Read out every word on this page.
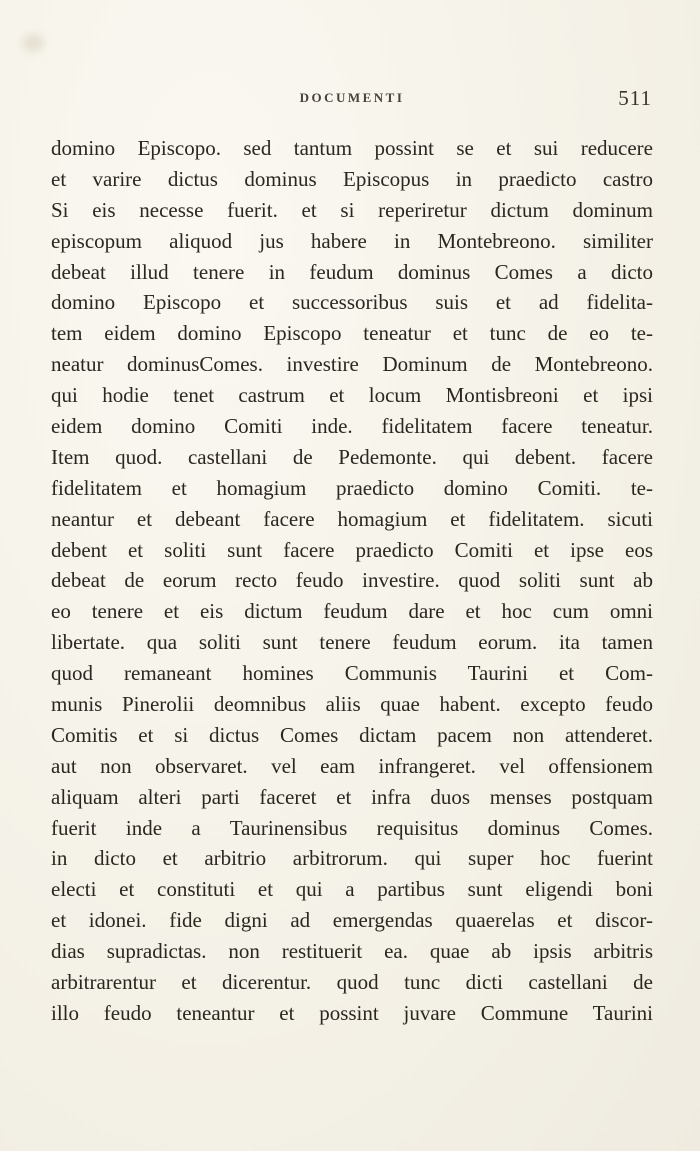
DOCUMENTI	511
domino Episcopo. sed tantum possint se et sui reducere
et varire dictus dominus Episcopus in praedicto castro
Si eis necesse fuerit. et si reperiretur dictum dominum
episcopum aliquod jus habere in Montebreono. similiter
debeat illud tenere in feudum dominus Comes a dicto
domino Episcopo et successoribus suis et ad fidelita-
tem eidem domino Episcopo teneatur et tunc de eo te-
neatur dominusComes. investire Dominum de Montebreono.
qui hodie tenet castrum et locum Montisbreoni et ipsi
eidem domino Comiti inde. fidelitatem facere teneatur.
Item quod. castellani de Pedemonte. qui debent. facere
fidelitatem et homagium praedicto domino Comiti. te-
neantur et debeant facere homagium et fidelitatem. sicuti
debent et soliti sunt facere praedicto Comiti et ipse eos
debeat de eorum recto feudo investire. quod soliti sunt ab
eo tenere et eis dictum feudum dare et hoc cum omni
libertate. qua soliti sunt tenere feudum eorum. ita tamen
quod remaneant homines Communis Taurini et Com-
munis Pinerolii deomnibus aliis quae habent. excepto feudo
Comitis et si dictus Comes dictam pacem non attenderet.
aut non observaret. vel eam infrangeret. vel offensionem
aliquam alteri parti faceret et infra duos menses postquam
fuerit inde a Taurinensibus requisitus dominus Comes.
in dicto et arbitrio arbitrorum. qui super hoc fuerint
electi et constituti et qui a partibus sunt eligendi boni
et idonei. fide digni ad emergendas quaerelas et discor-
dias supradictas. non restituerit ea. quae ab ipsis arbitris
arbitrarentur et dicerentur. quod tunc dicti castellani de
illo feudo teneantur et possint juvare Commune Taurini
